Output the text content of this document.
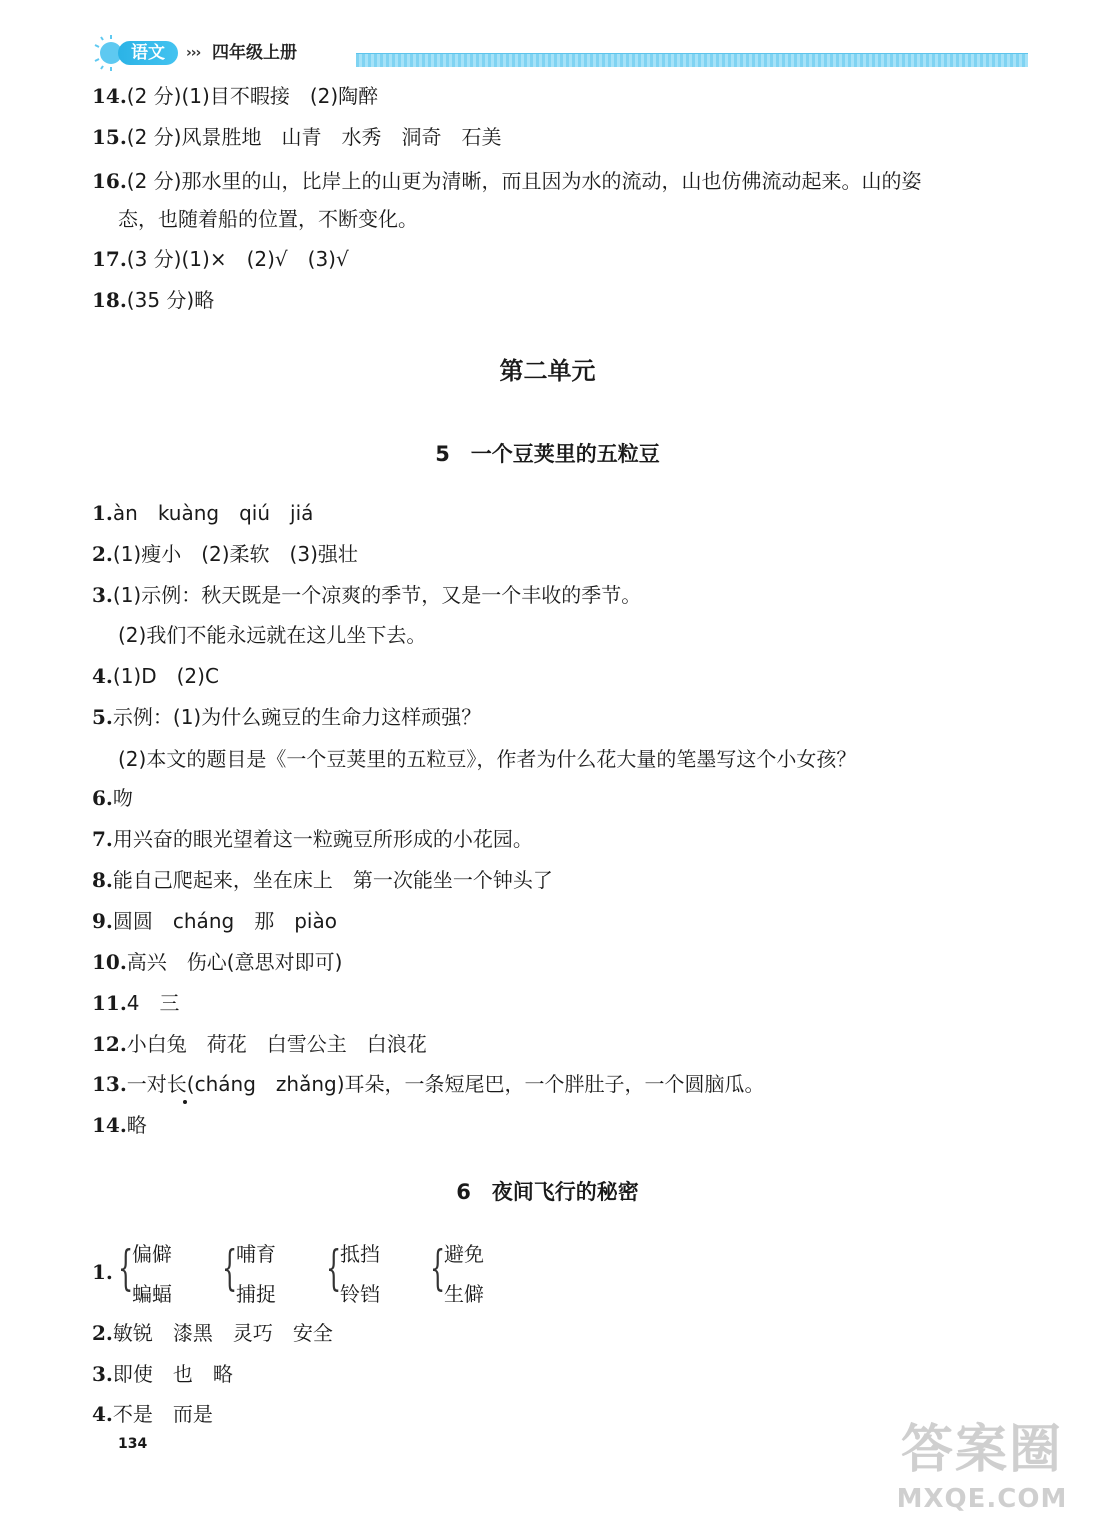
语文	››› 四年级上册
14.(2 分)(1)目不暇接　(2)陶醉
15.(2 分)风景胜地　山青　水秀　洞奇　石美
16.(2 分)那水里的山，比岸上的山更为清晰，而且因为水的流动，山也仿佛流动起来。山的姿
态，也随着船的位置，不断变化。
17.(3 分)(1)×　(2)√　(3)√
18.(35 分)略
第二单元
5　一个豆荚里的五粒豆
1.àn　kuàng　qiú　jiá
2.(1)瘦小　(2)柔软　(3)强壮
3.(1)示例：秋天既是一个凉爽的季节，又是一个丰收的季节。
(2)我们不能永远就在这儿坐下去。
4.(1)D　(2)C
5.示例：(1)为什么豌豆的生命力这样顽强？
(2)本文的题目是《一个豆荚里的五粒豆》，作者为什么花大量的笔墨写这个小女孩？
6.吻
7.用兴奋的眼光望着这一粒豌豆所形成的小花园。
8.能自己爬起来，坐在床上　第一次能坐一个钟头了
9.圆圆　cháng　那　piào
10.高兴　伤心(意思对即可)
11.4　三
12.小白兔　荷花　白雪公主　白浪花
13.一对长(cháng　zhǎng)耳朵，一条短尾巴，一个胖肚子，一个圆脑瓜。
14.略
6　夜间飞行的秘密
1. {
偏僻
蝙蝠 {
哺育
捕捉 {
抵挡
铃铛 {
避免
生僻
2.敏锐　漆黑　灵巧　安全
3.即使　也　略
4.不是　而是
134	答案圈
MXQE.COM
